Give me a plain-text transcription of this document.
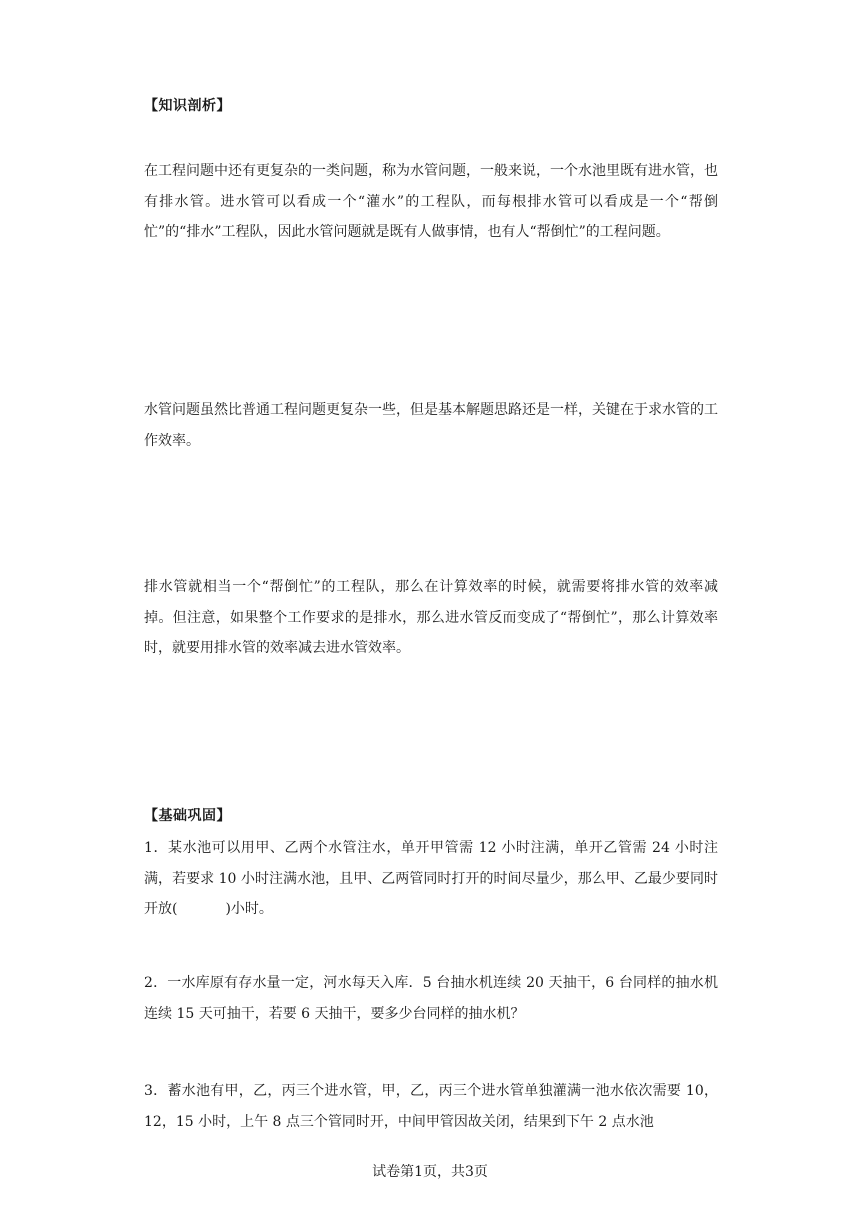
【知识剖析】
在工程问题中还有更复杂的一类问题，称为水管问题，一般来说，一个水池里既有进水管，也有排水管。进水管可以看成一个“灌水”的工程队，而每根排水管可以看成是一个“帮倒忙”的“排水”工程队，因此水管问题就是既有人做事情，也有人“帮倒忙”的工程问题。
水管问题虽然比普通工程问题更复杂一些，但是基本解题思路还是一样，关键在于求水管的工作效率。
排水管就相当一个“帮倒忙”的工程队，那么在计算效率的时候，就需要将排水管的效率减掉。但注意，如果整个工作要求的是排水，那么进水管反而变成了“帮倒忙”，那么计算效率时，就要用排水管的效率减去进水管效率。
【基础巩固】
1．某水池可以用甲、乙两个水管注水，单开甲管需 12 小时注满，单开乙管需 24 小时注满，若要求 10 小时注满水池，且甲、乙两管同时打开的时间尽量少，那么甲、乙最少要同时开放(	)小时。
2．一水库原有存水量一定，河水每天入库．5 台抽水机连续 20 天抽干，6 台同样的抽水机连续 15 天可抽干，若要 6 天抽干，要多少台同样的抽水机？
3．蓄水池有甲，乙，丙三个进水管，甲，乙，丙三个进水管单独灌满一池水依次需要 10，12，15 小时，上午 8 点三个管同时开，中间甲管因故关闭，结果到下午 2 点水池
试卷第1页，共3页
